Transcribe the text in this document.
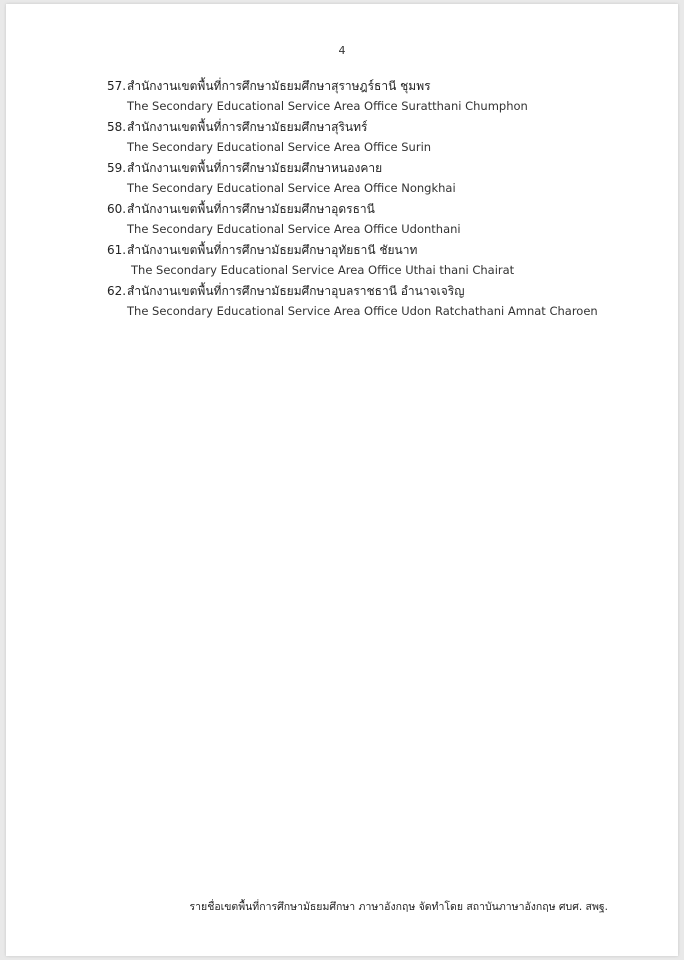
4
57.สำนักงานเขตพื้นที่การศึกษามัธยมศึกษาสุราษฎร์ธานี ชุมพร
The Secondary Educational Service Area Office Suratthani Chumphon
58.สำนักงานเขตพื้นที่การศึกษามัธยมศึกษาสุรินทร์
The Secondary Educational Service Area Office Surin
59.สำนักงานเขตพื้นที่การศึกษามัธยมศึกษาหนองคาย
The Secondary Educational Service Area Office Nongkhai
60.สำนักงานเขตพื้นที่การศึกษามัธยมศึกษาอุดรธานี
The Secondary Educational Service Area Office Udonthani
61.สำนักงานเขตพื้นที่การศึกษามัธยมศึกษาอุทัยธานี ชัยนาท
The Secondary Educational Service Area Office Uthai thani Chairat
62.สำนักงานเขตพื้นที่การศึกษามัธยมศึกษาอุบลราชธานี อำนาจเจริญ
The Secondary Educational Service Area Office Udon Ratchathani Amnat Charoen
รายชื่อเขตพื้นที่การศึกษามัธยมศึกษา ภาษาอังกฤษ จัดทำโดย สถาบันภาษาอังกฤษ ศบศ. สพฐ.
